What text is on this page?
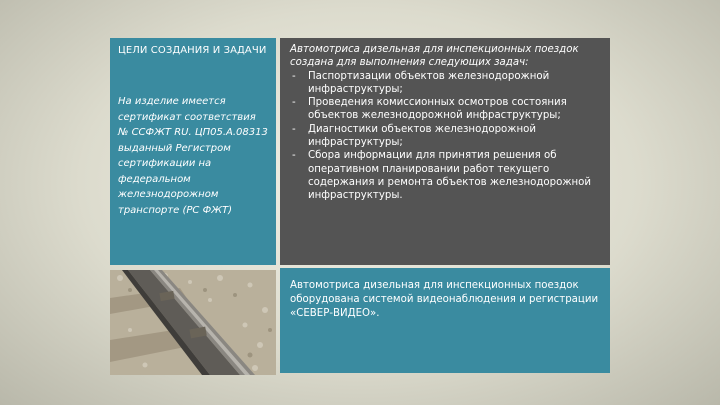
ЦЕЛИ СОЗДАНИЯ И ЗАДАЧИ
На изделие имеется сертификат соответствия № ССФЖТ RU. ЦП05.А.08313 выданный Регистром сертификации на федеральном железнодорожном транспорте (РС ФЖТ)
Автомотриса дизельная для инспекционных поездок создана для выполнения следующих задач:
- Паспортизации объектов железнодорожной инфраструктуры;
- Проведения комиссионных осмотров состояния объектов железнодорожной инфраструктуры;
- Диагностики объектов железнодорожной инфраструктуры;
- Сбора информации для принятия решения об оперативном планировании работ текущего содержания и ремонта объектов железнодорожной инфраструктуры.
Автомотриса дизельная для инспекционных поездок оборудована системой видеонаблюдения и регистрации «СЕВЕР-ВИДЕО».
